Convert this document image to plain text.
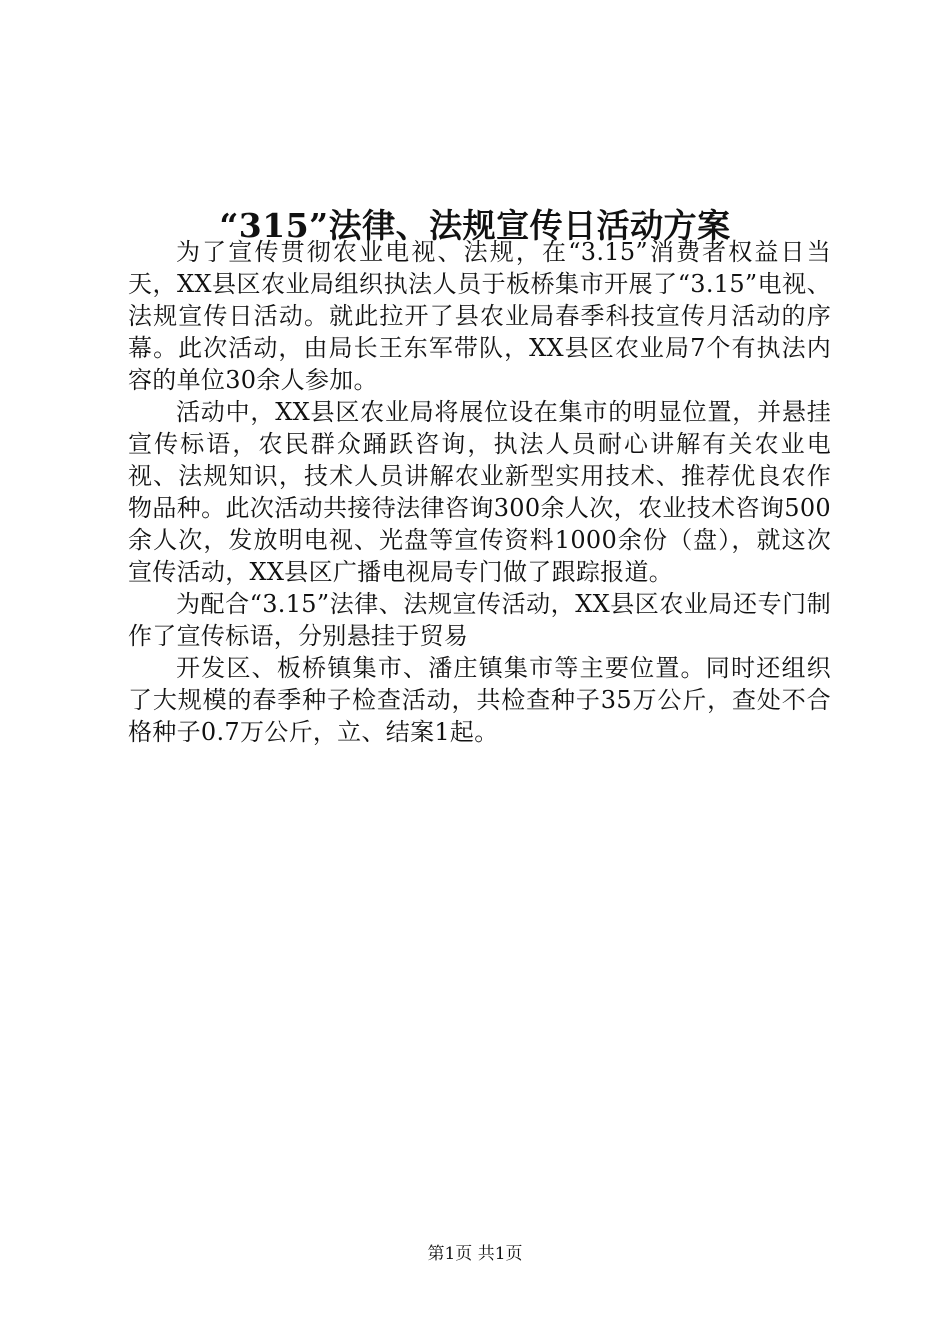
“315”法律、法规宣传日活动方案

为了宣传贯彻农业电视、法规，在“3.15”消费者权益日当天，XX县区农业局组织执法人员于板桥集市开展了“3.15”电视、法规宣传日活动。就此拉开了县农业局春季科技宣传月活动的序幕。此次活动，由局长王东军带队，XX县区农业局7个有执法内容的单位30余人参加。

活动中，XX县区农业局将展位设在集市的明显位置，并悬挂宣传标语，农民群众踊跃咨询，执法人员耐心讲解有关农业电视、法规知识，技术人员讲解农业新型实用技术、推荐优良农作物品种。此次活动共接待法律咨询300余人次，农业技术咨询500余人次，发放明电视、光盘等宣传资料1000余份（盘），就这次宣传活动，XX县区广播电视局专门做了跟踪报道。

为配合“3.15”法律、法规宣传活动，XX县区农业局还专门制作了宣传标语，分别悬挂于贸易

开发区、板桥镇集市、潘庄镇集市等主要位置。同时还组织了大规模的春季种子检查活动，共检查种子35万公斤，查处不合格种子0.7万公斤，立、结案1起。

第1页 共1页
